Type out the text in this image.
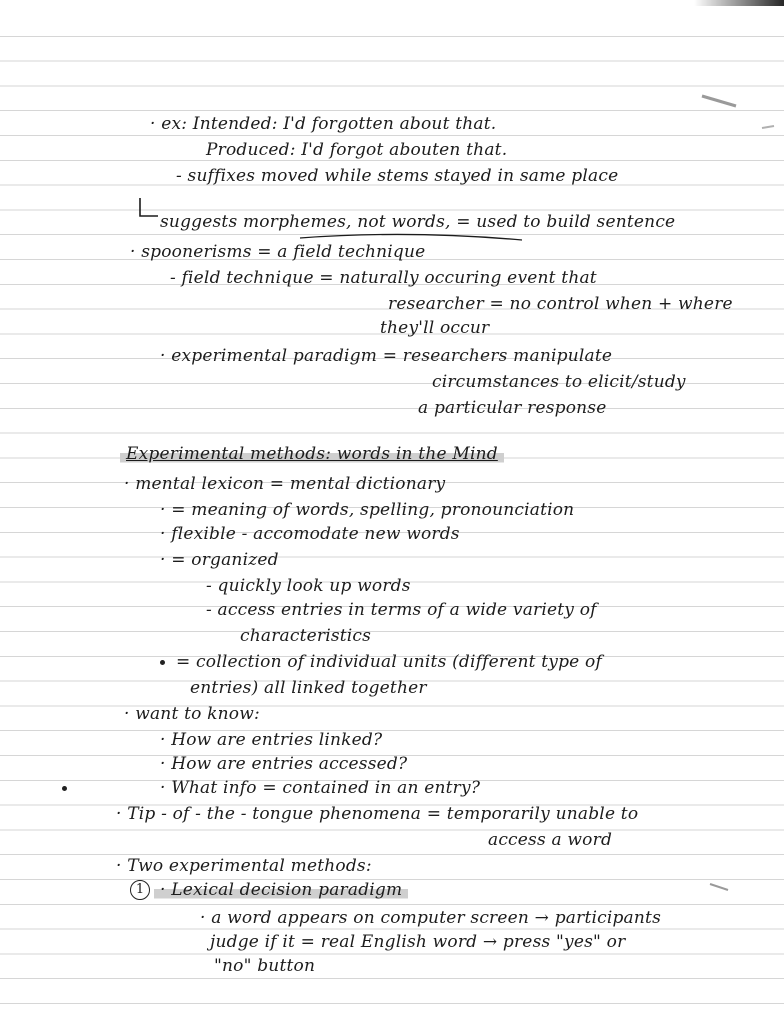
· ex: Intended: I'd forgotten about that.
Produced: I'd forgot abouten that.
- suffixes moved while stems stayed in same place
suggests morphemes, not words, = used to build sentence
· spoonerisms = a field technique
- field technique = naturally occuring event that
researcher = no control when + where
they'll occur
· experimental paradigm = researchers manipulate
circumstances to elicit/study
a particular response
Experimental methods: words in the Mind
· mental lexicon = mental dictionary
· = meaning of words, spelling, pronounciation
· flexible - accomodate new words
· = organized
- quickly look up words
- access entries in terms of a wide variety of
characteristics
= collection of individual units (different type of
entries) all linked together
· want to know:
· How are entries linked?
· How are entries accessed?
· What info = contained in an entry?
· Tip - of - the - tongue phenomena = temporarily unable to
access a word
· Two experimental methods:
1 · Lexical decision paradigm
· a word appears on computer screen → participants
judge if it = real English word → press "yes" or
"no" button
